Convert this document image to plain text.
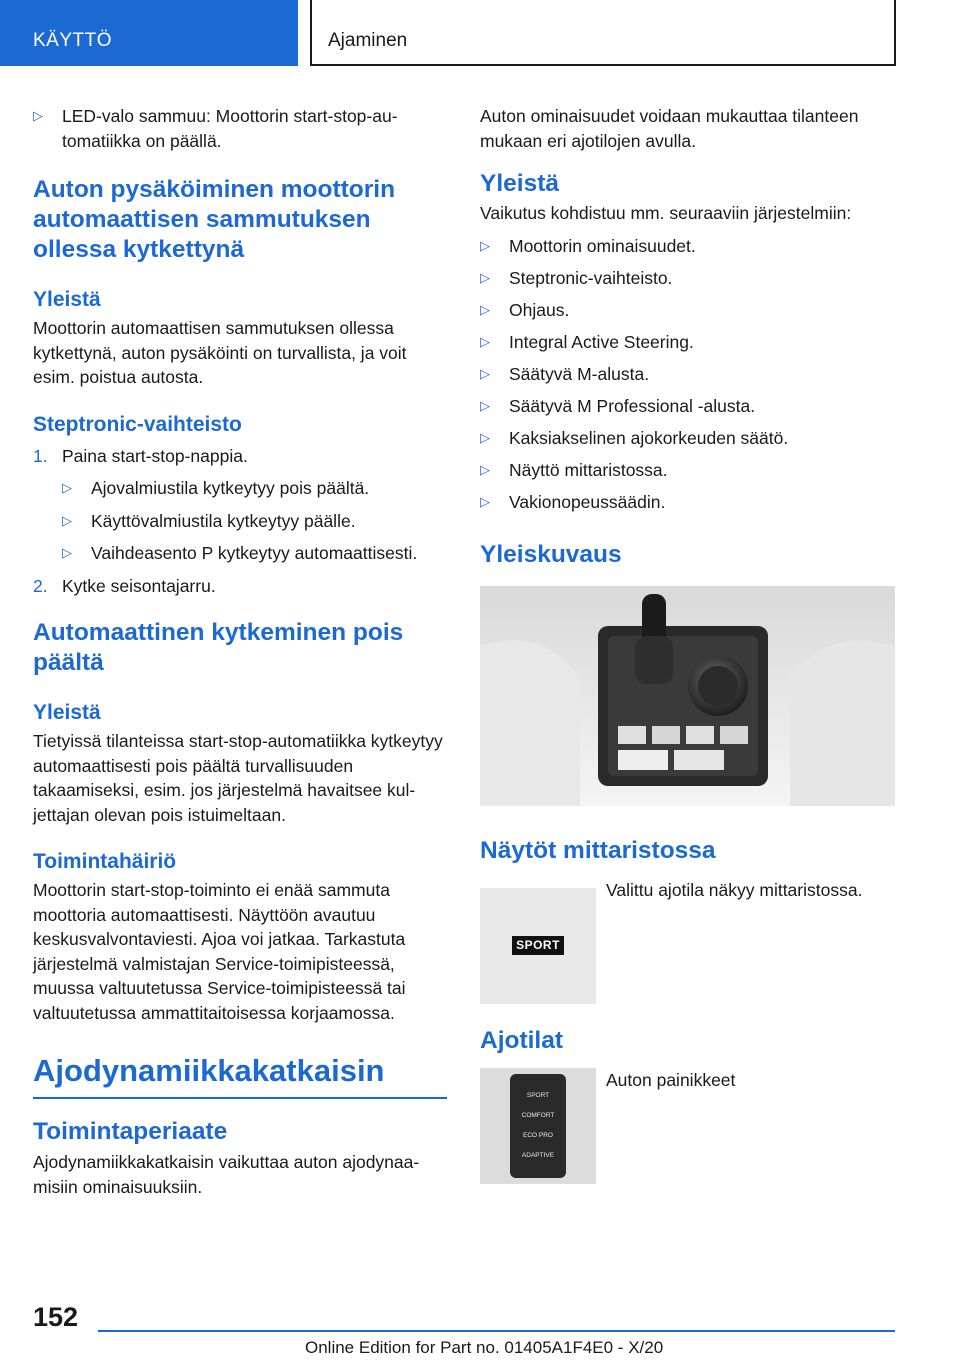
KÄYTTÖ	Ajaminen
▷ LED-valo sammuu: Moottorin start-stop-automatiikka on päällä.
Auton pysäköiminen moottorin automaattisen sammutuksen ollessa kytkettynä
Yleistä

Moottorin automaattisen sammutuksen ollessa kytkettynä, auton pysäköinti on turvallista, ja voit esim. poistua autosta.

Steptronic-vaihteisto
1. Paina start-stop-nappia.
▷ Ajovalmiustila kytkeytyy pois päältä.
▷ Käyttövalmiustila kytkeytyy päälle.
▷ Vaihdeasento P kytkeytyy automaattisesti.
2. Kytke seisontajarru.
Automaattinen kytkeminen pois päältä
Yleistä

Tietyissä tilanteissa start-stop-automatiikka kytkeytyy automaattisesti pois päältä turvallisuuden takaamiseksi, esim. jos järjestelmä havaitsee kuljettajan olevan pois istuimeltaan.

Toimintahäiriö

Moottorin start-stop-toiminto ei enää sammuta moottoria automaattisesti. Näyttöön avautuu keskusvalvontaviesti. Ajoa voi jatkaa. Tarkastuta järjestelmä valmistajan Service-toimipisteessä, muussa valtuutetussa Service-toimipisteessä tai valtuutetussa ammattitaitoisessa korjaamossa.

Ajodynamiikkakatkaisin
Toimintaperiaate

Ajodynamiikkakatkaisin vaikuttaa auton ajodynaamisiin ominaisuuksiin.

Auton ominaisuudet voidaan mukauttaa tilanteen mukaan eri ajotilojen avulla.

Yleistä

Vaikutus kohdistuu mm. seuraaviin järjestelmiin:

▷ Moottorin ominaisuudet.
▷ Steptronic-vaihteisto.
▷ Ohjaus.
▷ Integral Active Steering.
▷ Säätyvä M-alusta.
▷ Säätyvä M Professional -alusta.
▷ Kaksiakselinen ajokorkeuden säätö.
▷ Näyttö mittaristossa.
▷ Vakionopeussäädin.
Yleiskuvaus
Näytöt mittaristossa
SPORT

Valittu ajotila näkyy mittaristossa.

Ajotilat
SPORT
COMFORT
ECO PRO
ADAPTIVE

Auton painikkeet

152
Online Edition for Part no. 01405A1F4E0 - X/20
